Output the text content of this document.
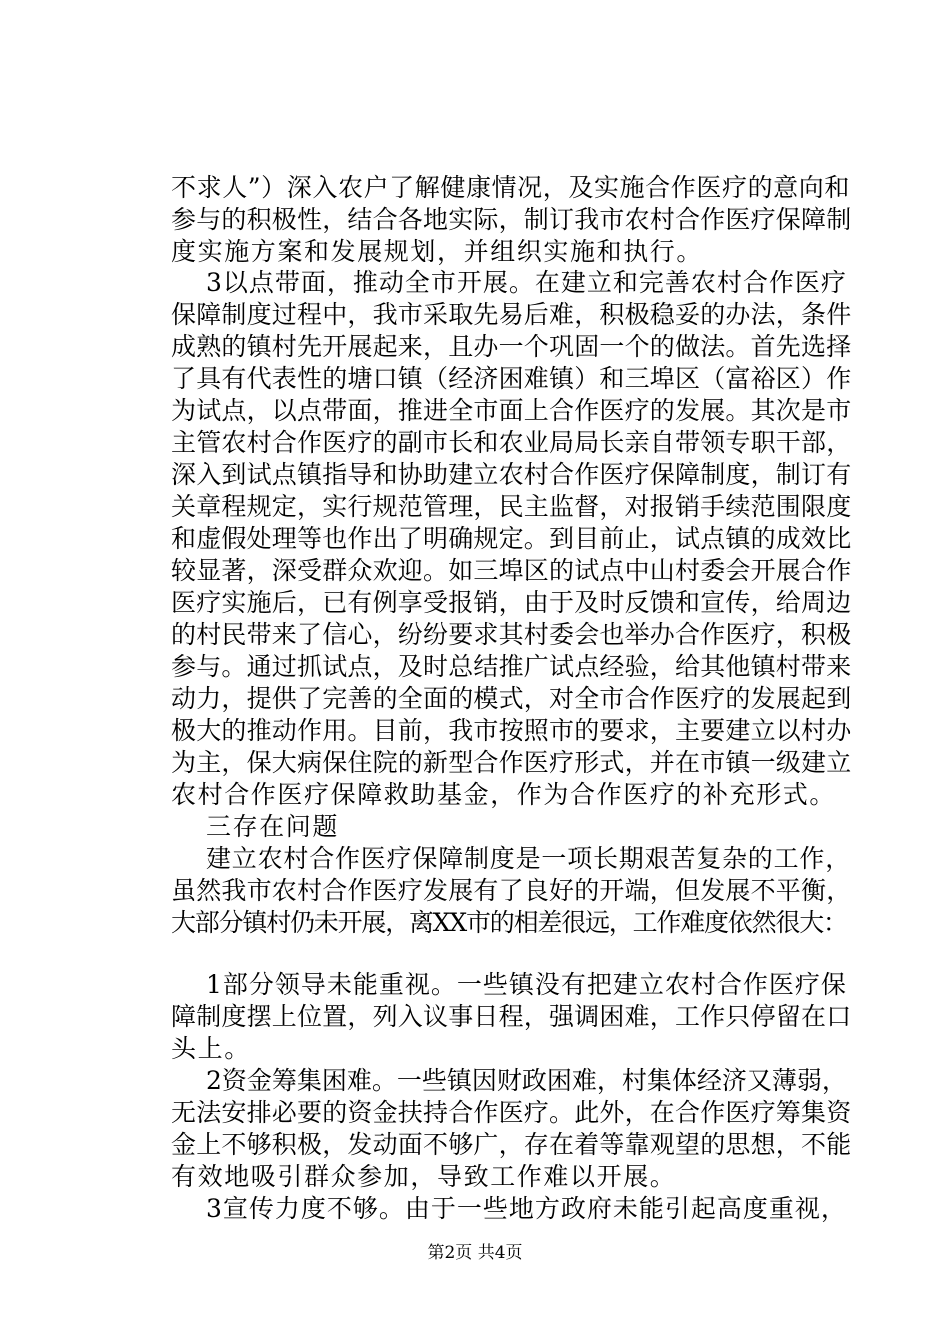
不求人”）深入农户了解健康情况，及实施合作医疗的意向和
参与的积极性，结合各地实际，制订我市农村合作医疗保障制
度实施方案和发展规划，并组织实施和执行。
3以点带面，推动全市开展。在建立和完善农村合作医疗
保障制度过程中，我市采取先易后难，积极稳妥的办法，条件
成熟的镇村先开展起来，且办一个巩固一个的做法。首先选择
了具有代表性的塘口镇（经济困难镇）和三埠区（富裕区）作
为试点，以点带面，推进全市面上合作医疗的发展。其次是市
主管农村合作医疗的副市长和农业局局长亲自带领专职干部，
深入到试点镇指导和协助建立农村合作医疗保障制度，制订有
关章程规定，实行规范管理，民主监督，对报销手续范围限度
和虚假处理等也作出了明确规定。到目前止，试点镇的成效比
较显著，深受群众欢迎。如三埠区的试点中山村委会开展合作
医疗实施后，已有例享受报销，由于及时反馈和宣传，给周边
的村民带来了信心，纷纷要求其村委会也举办合作医疗，积极
参与。通过抓试点，及时总结推广试点经验，给其他镇村带来
动力，提供了完善的全面的模式，对全市合作医疗的发展起到
极大的推动作用。目前，我市按照市的要求，主要建立以村办
为主，保大病保住院的新型合作医疗形式，并在市镇一级建立
农村合作医疗保障救助基金，作为合作医疗的补充形式。
三存在问题
建立农村合作医疗保障制度是一项长期艰苦复杂的工作，
虽然我市农村合作医疗发展有了良好的开端，但发展不平衡，
大部分镇村仍未开展，离XX市的相差很远，工作难度依然很大：
1部分领导未能重视。一些镇没有把建立农村合作医疗保
障制度摆上位置，列入议事日程，强调困难，工作只停留在口
头上。
2资金筹集困难。一些镇因财政困难，村集体经济又薄弱，
无法安排必要的资金扶持合作医疗。此外，在合作医疗筹集资
金上不够积极，发动面不够广，存在着等靠观望的思想，不能
有效地吸引群众参加，导致工作难以开展。
3宣传力度不够。由于一些地方政府未能引起高度重视，
第2页 共4页
